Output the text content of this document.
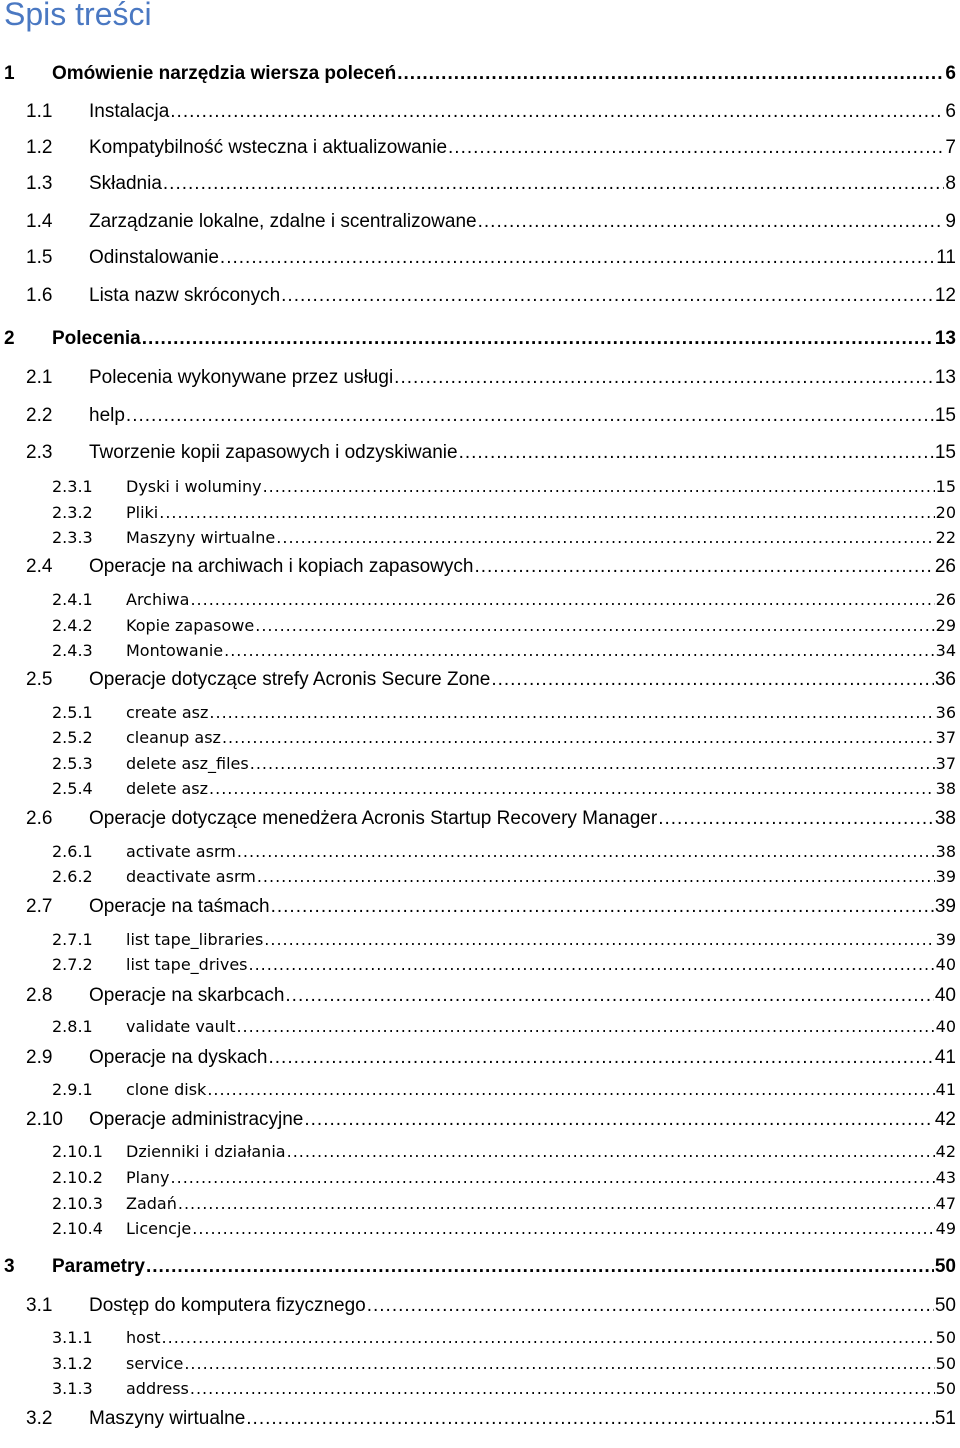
Spis treści
1	Omówienie narzędzia wiersza poleceń .....	6
1.1	Instalacja .....	6
1.2	Kompatybilność wsteczna i aktualizowanie .....	7
1.3	Składnia .....	8
1.4	Zarządzanie lokalne, zdalne i scentralizowane .....	9
1.5	Odinstalowanie .....	11
1.6	Lista nazw skróconych .....	12
2	Polecenia .....	13
2.1	Polecenia wykonywane przez usługi .....	13
2.2	help .....	15
2.3	Tworzenie kopii zapasowych i odzyskiwanie .....	15
2.3.1	Dyski i woluminy .....	15
2.3.2	Pliki .....	20
2.3.3	Maszyny wirtualne .....	22
2.4	Operacje na archiwach i kopiach zapasowych .....	26
2.4.1	Archiwa .....	26
2.4.2	Kopie zapasowe .....	29
2.4.3	Montowanie .....	34
2.5	Operacje dotyczące strefy Acronis Secure Zone .....	36
2.5.1	create asz .....	36
2.5.2	cleanup asz .....	37
2.5.3	delete asz_files .....	37
2.5.4	delete asz .....	38
2.6	Operacje dotyczące menedżera Acronis Startup Recovery Manager .....	38
2.6.1	activate asrm .....	38
2.6.2	deactivate asrm .....	39
2.7	Operacje na taśmach .....	39
2.7.1	list tape_libraries .....	39
2.7.2	list tape_drives .....	40
2.8	Operacje na skarbcach .....	40
2.8.1	validate vault .....	40
2.9	Operacje na dyskach .....	41
2.9.1	clone disk .....	41
2.10	Operacje administracyjne .....	42
2.10.1	Dzienniki i działania .....	42
2.10.2	Plany .....	43
2.10.3	Zadań .....	47
2.10.4	Licencje .....	49
3	Parametry .....	50
3.1	Dostęp do komputera fizycznego .....	50
3.1.1	host .....	50
3.1.2	service .....	50
3.1.3	address .....	50
3.2	Maszyny wirtualne .....	51
